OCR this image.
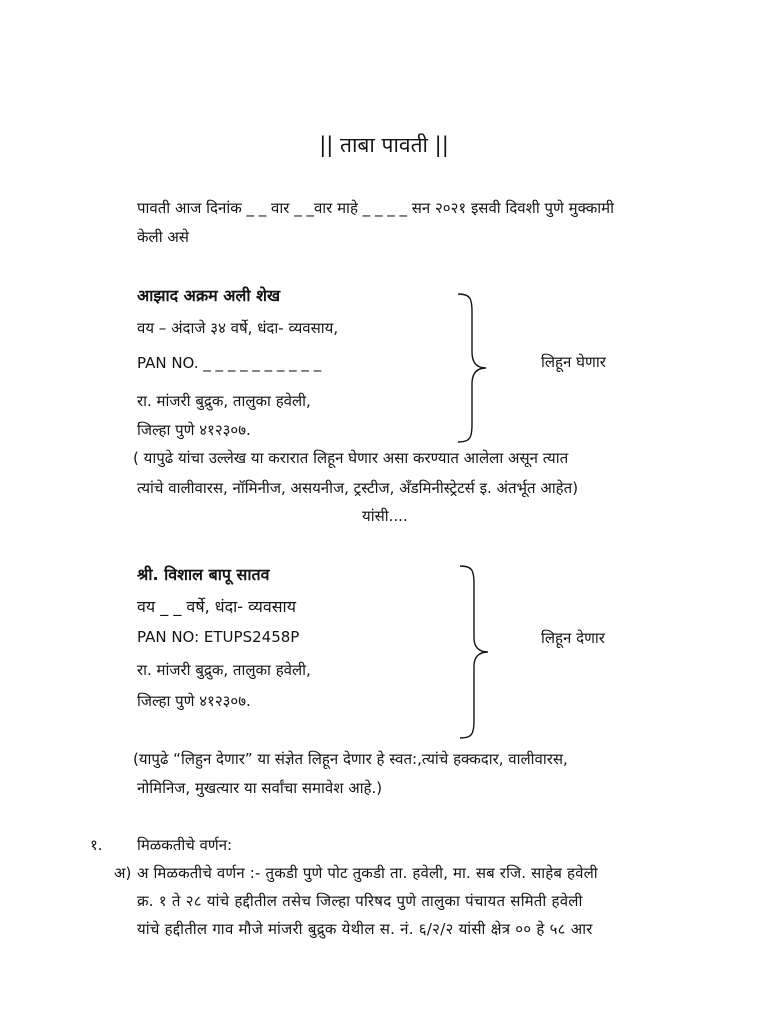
|| ताबा पावती ||
पावती आज दिनांक _ _ वार _ _वार माहे _ _ _ _ सन २०२१ इसवी दिवशी पुणे मुक्कामी
केली असे
आझाद अक्रम अली शेख
वय – अंदाजे ३४ वर्षे, धंदा- व्यवसाय,
PAN NO. _ _ _ _ _ _ _ _ _ _
रा. मांजरी बुद्रुक, तालुका हवेली,
जिल्हा पुणे ४१२३०७.
लिहून घेणार
( यापुढे यांचा उल्लेख या करारात लिहून घेणार असा करण्यात आलेला असून त्यात
त्यांचे वालीवारस, नॉमिनीज, असयनीज, ट्रस्टीज, अँडमिनीस्ट्रेटर्स इ. अंतर्भूत आहेत)
यांसी....
श्री. विशाल बापू सातव
वय _ _ वर्षे, धंदा- व्यवसाय
PAN NO: ETUPS2458P
रा. मांजरी बुद्रुक, तालुका हवेली,
जिल्हा पुणे ४१२३०७.
लिहून देणार
(यापुढे “लिहुन देणार” या संज्ञेत लिहून देणार हे स्वत:,त्यांचे हक्कदार, वालीवारस,
नोमिनिज, मुखत्यार या सर्वांचा समावेश आहे.)
१. मिळकतीचे वर्णन:
अ) अ मिळकतीचे वर्णन :- तुकडी पुणे पोट तुकडी ता. हवेली, मा. सब रजि. साहेब हवेली
क्र. १ ते २८ यांचे हद्दीतील तसेच जिल्हा परिषद पुणे तालुका पंचायत समिती हवेली
यांचे हद्दीतील गाव मौजे मांजरी बुद्रुक येथील स. नं. ६/२/२ यांसी क्षेत्र ०० हे ५८ आर
